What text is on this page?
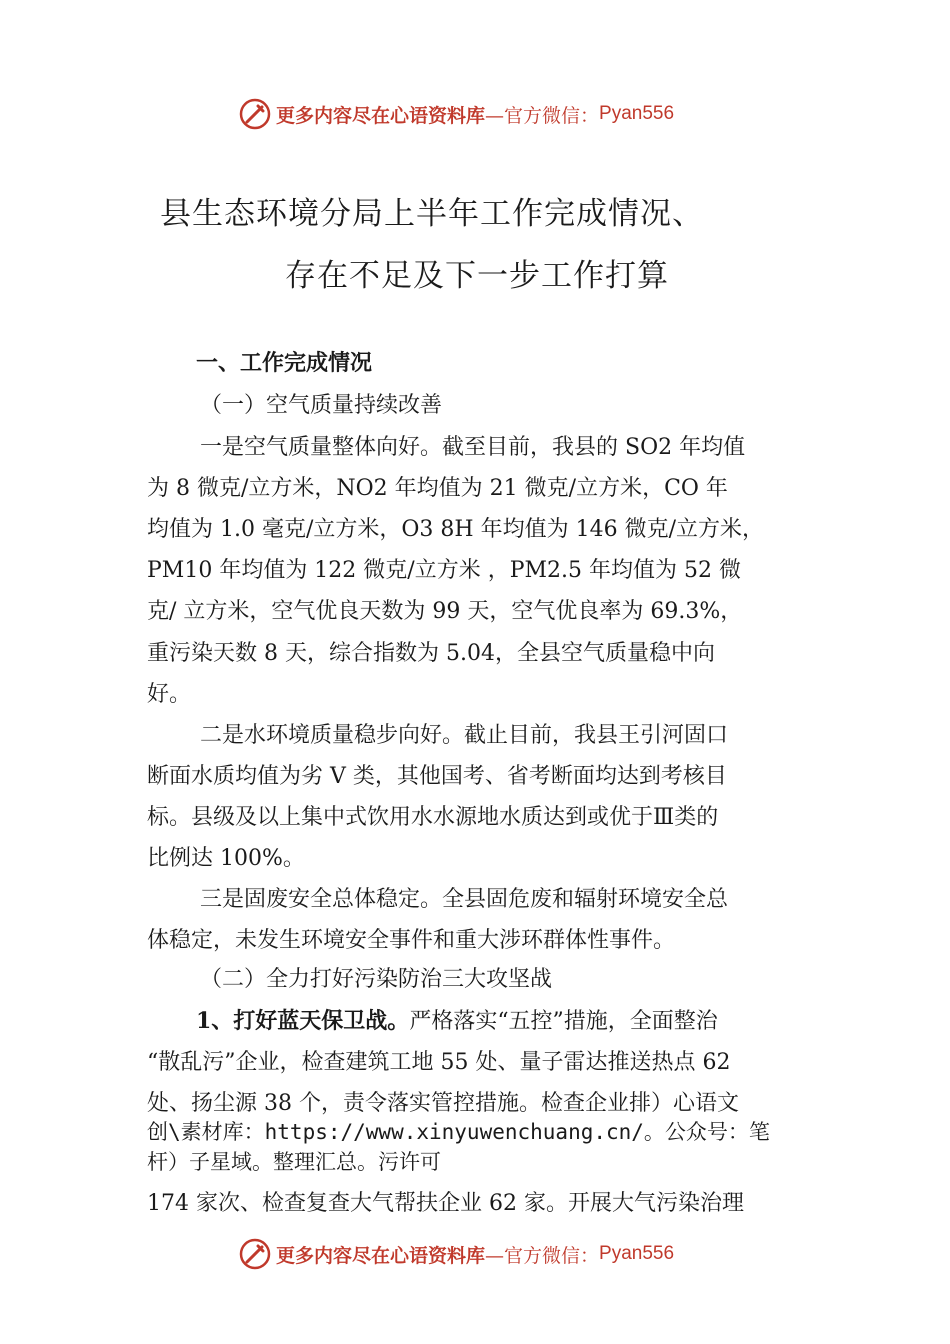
更多内容尽在心语资料库 —官方微信： Pyan556
县生态环境分局上半年工作完成情况、
存在不足及下一步工作打算
一、工作完成情况
（一）空气质量持续改善
一是空气质量整体向好。截至目前，我县的 SO2 年均值
为 8 微克/立方米，NO2 年均值为 21 微克/立方米，CO 年
均值为 1.0 毫克/立方米，O3 8H 年均值为 146 微克/立方米，
PM10 年均值为 122 微克/立方米 ，PM2.5 年均值为 52 微
克/ 立方米，空气优良天数为 99 天，空气优良率为 69.3%，
重污染天数 8 天，综合指数为 5.04，全县空气质量稳中向
好。
二是水环境质量稳步向好。截止目前，我县王引河固口
断面水质均值为劣 V 类，其他国考、省考断面均达到考核目
标。县级及以上集中式饮用水水源地水质达到或优于Ⅲ类的
比例达 100%。
三是固废安全总体稳定。全县固危废和辐射环境安全总
体稳定，未发生环境安全事件和重大涉环群体性事件。
（二）全力打好污染防治三大攻坚战
1、打好蓝天保卫战。严格落实“五控”措施，全面整治
“散乱污”企业，检查建筑工地 55 处、量子雷达推送热点 62
处、扬尘源 38 个，责令落实管控措施。检查企业排）心语文
创\素材库：https://www.xinyuwenchuang.cn/。公众号：笔
杆）子星域。整理汇总。污许可
174 家次、检查复查大气帮扶企业 62 家。开展大气污染治理
更多内容尽在心语资料库 —官方微信： Pyan556
